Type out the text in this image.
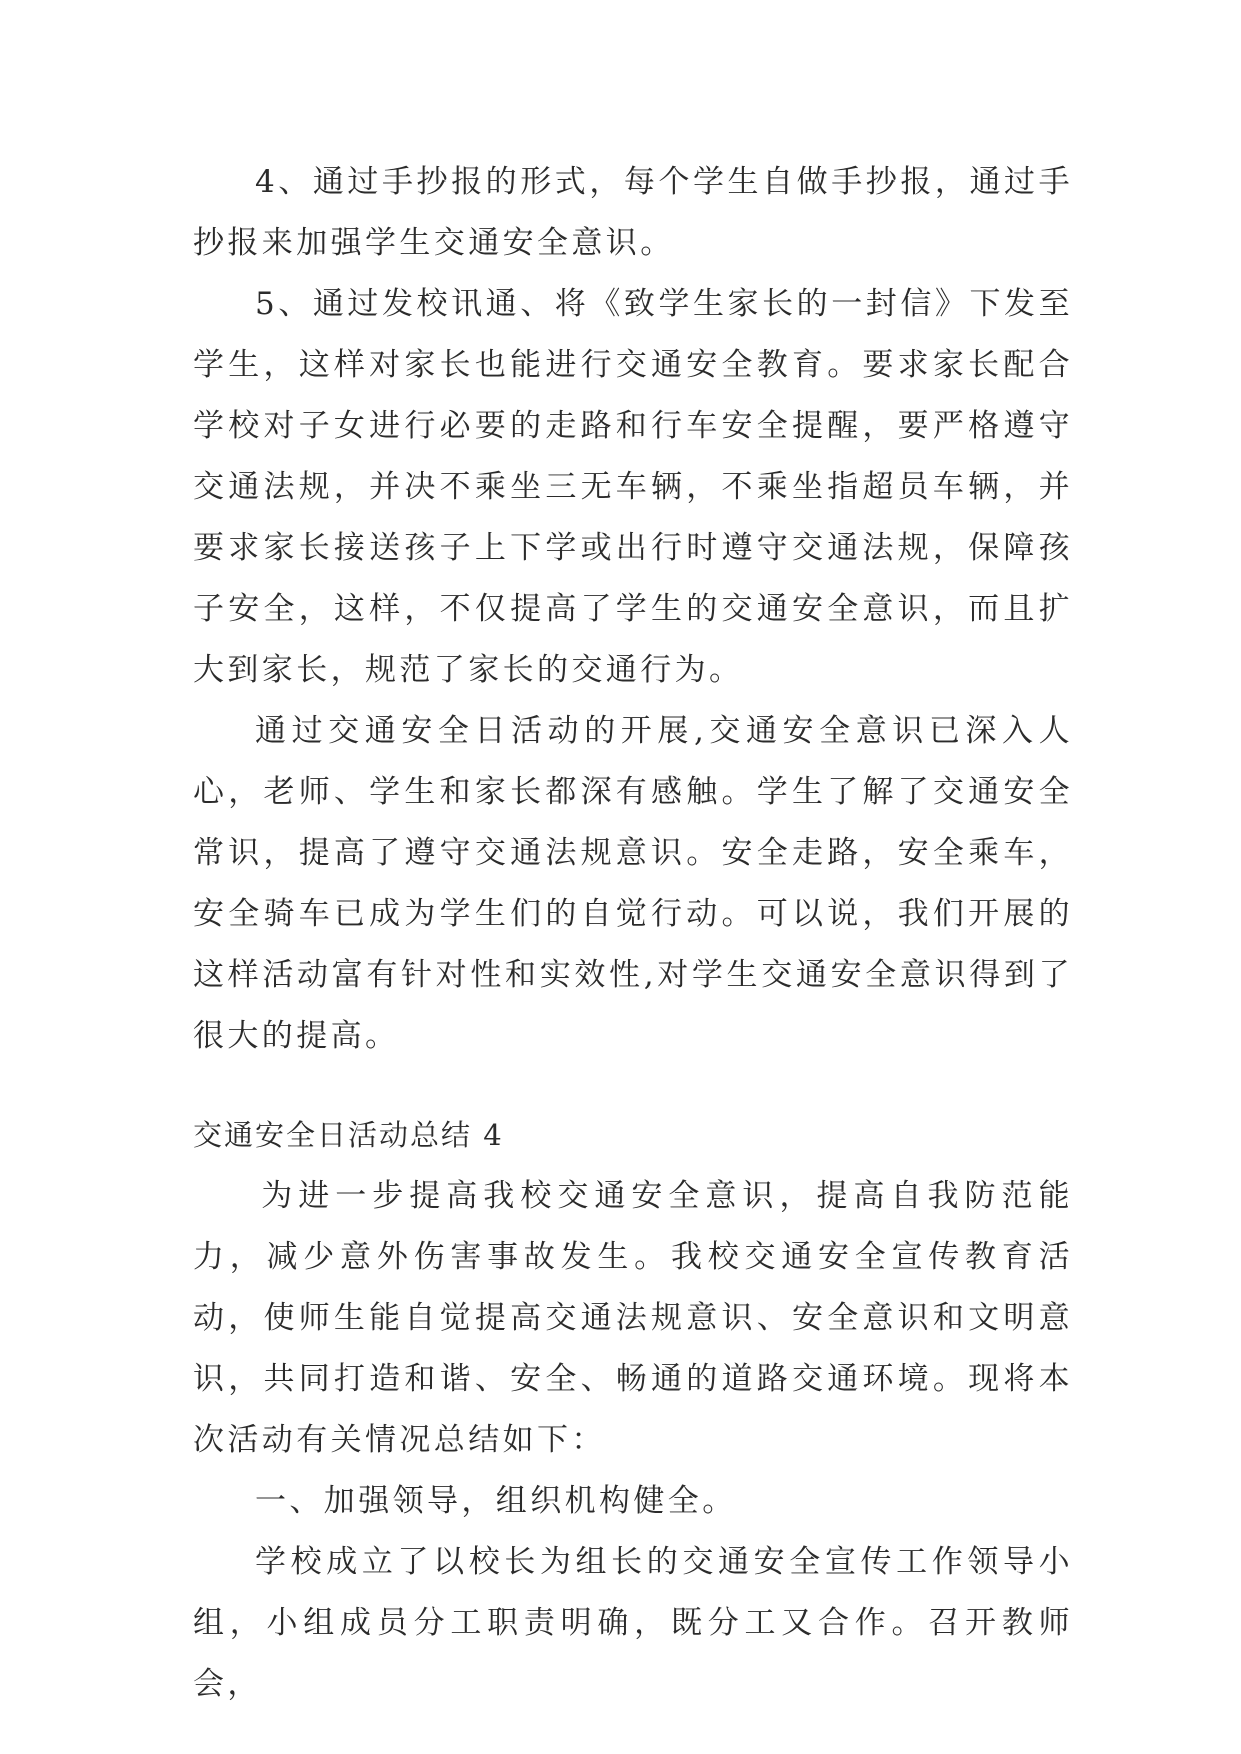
4、通过手抄报的形式，每个学生自做手抄报，通过手抄报来加强学生交通安全意识。

5、通过发校讯通、将《致学生家长的一封信》下发至学生，这样对家长也能进行交通安全教育。要求家长配合学校对子女进行必要的走路和行车安全提醒，要严格遵守交通法规，并决不乘坐三无车辆，不乘坐指超员车辆，并要求家长接送孩子上下学或出行时遵守交通法规，保障孩子安全，这样，不仅提高了学生的交通安全意识，而且扩大到家长，规范了家长的交通行为。

通过交通安全日活动的开展,交通安全意识已深入人心，老师、学生和家长都深有感触。学生了解了交通安全常识，提高了遵守交通法规意识。安全走路，安全乘车，安全骑车已成为学生们的自觉行动。可以说，我们开展的这样活动富有针对性和实效性,对学生交通安全意识得到了很大的提高。

交通安全日活动总结 4

为进一步提高我校交通安全意识，提高自我防范能力，减少意外伤害事故发生。我校交通安全宣传教育活动，使师生能自觉提高交通法规意识、安全意识和文明意识，共同打造和谐、安全、畅通的道路交通环境。现将本次活动有关情况总结如下：

一、加强领导，组织机构健全。

学校成立了以校长为组长的交通安全宣传工作领导小组，小组成员分工职责明确，既分工又合作。召开教师会，
